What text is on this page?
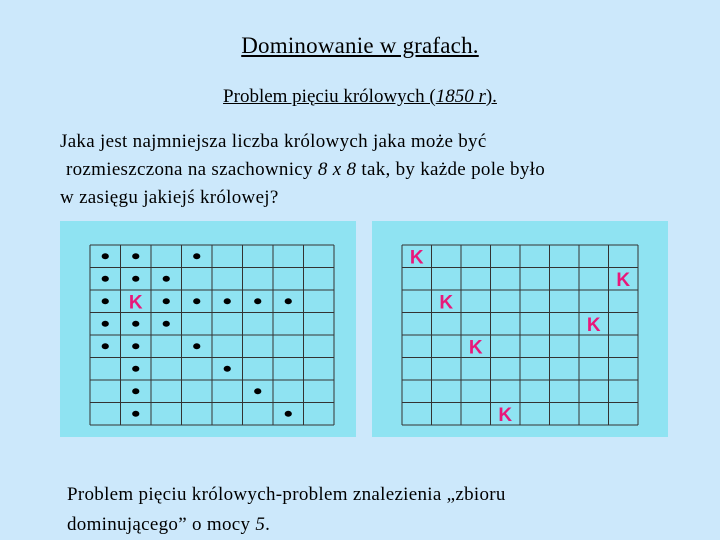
Dominowanie w grafach.
Problem pięciu królowych (1850 r).
Jaka jest najmniejsza liczba królowych jaka może być
rozmieszczona na szachownicy 8 x 8 tak, by każde pole było
w zasięgu jakiejś królowej?
K
K
K
K
K
K
K
Problem pięciu królowych-problem znalezienia „zbioru
dominującego” o mocy 5.
